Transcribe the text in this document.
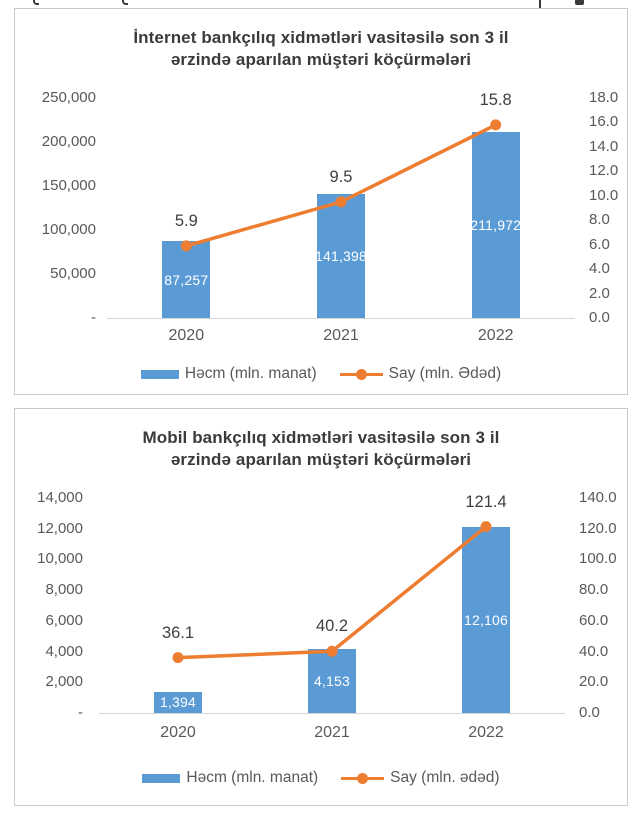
İnternet bankçılıq xidmətləri vasitəsilə son 3 il
ərzində aparılan müştəri köçürmələri
250,000
200,000
150,000
100,000
50,000
-
18.0
16.0
14.0
12.0
10.0
8.0
6.0
4.0
2.0
0.0
87,257
141,398
211,972
5.9
9.5
15.8
2020	2021	2022
Həcm (mln. manat)	Say (mln. Ədəd)
Mobil bankçılıq xidmətləri vasitəsilə son 3 il
ərzində aparılan müştəri köçürmələri
14,000
12,000
10,000
8,000
6,000
4,000
2,000
-
140.0
120.0
100.0
80.0
60.0
40.0
20.0
0.0
1,394
4,153
12,106
36.1	40.2
121.4
2020	2021	2022
Həcm (mln. manat)	Say (mln. ədəd)
